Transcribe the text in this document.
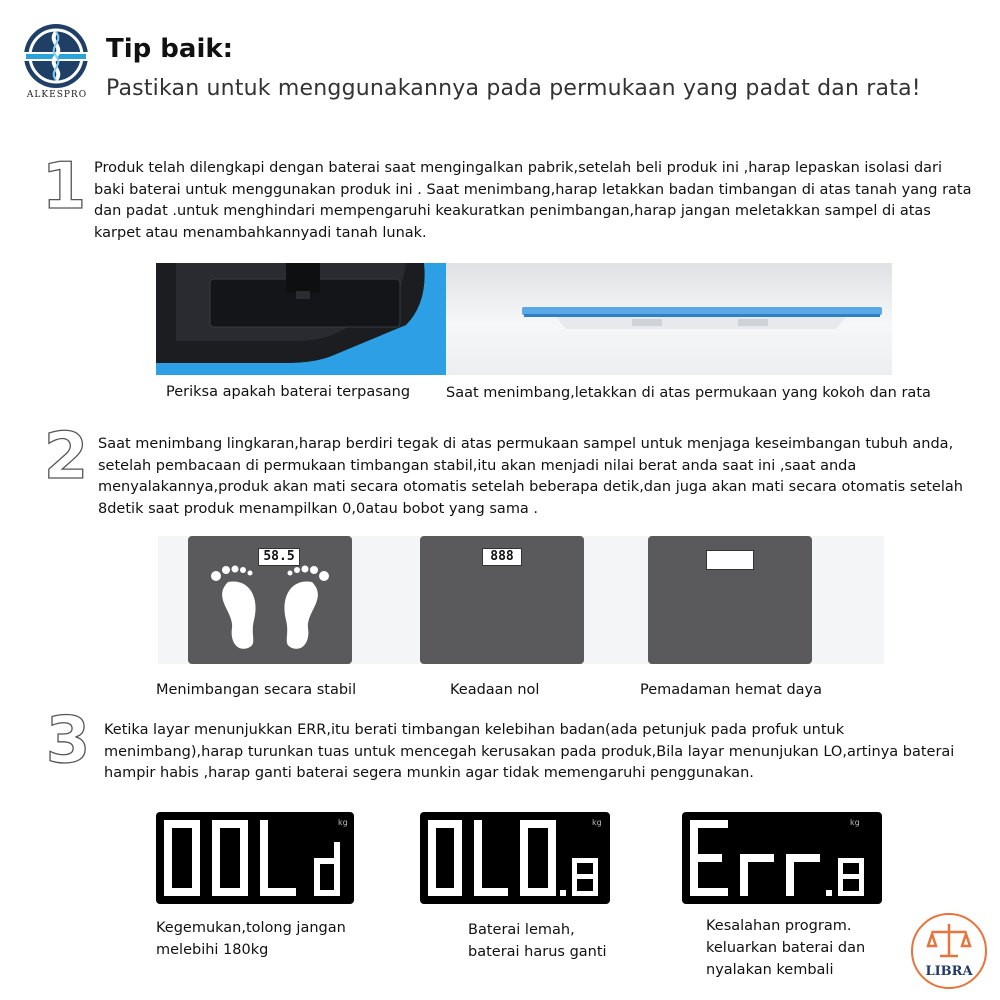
ALKESPRO
Tip baik:
Pastikan untuk menggunakannya pada permukaan yang padat dan rata!
1 Produk telah dilengkapi dengan baterai saat mengingalkan pabrik,setelah beli produk ini ,harap lepaskan isolasi dari baki baterai untuk menggunakan produk ini . Saat menimbang,harap letakkan badan timbangan di atas tanah yang rata dan padat .untuk menghindari mempengaruhi keakuratkan penimbangan,harap jangan meletakkan sampel di atas karpet atau menambahkannyadi tanah lunak.
Periksa apakah baterai terpasang Saat menimbang,letakkan di atas permukaan yang kokoh dan rata
2 Saat menimbang lingkaran,harap berdiri tegak di atas permukaan sampel untuk menjaga keseimbangan tubuh anda, setelah pembacaan di permukaan timbangan stabil,itu akan menjadi nilai berat anda saat ini ,saat anda menyalakannya,produk akan mati secara otomatis setelah beberapa detik,dan juga akan mati secara otomatis setelah 8detik saat produk menampilkan 0,0atau bobot yang sama .
58.5	888
Menimbangan secara stabil	Keadaan nol	Pemadaman hemat daya
3 Ketika layar menunjukkan ERR,itu berati timbangan kelebihan badan(ada petunjuk pada profuk untuk menimbang),harap turunkan tuas untuk mencegah kerusakan pada produk,Bila layar menunjukan LO,artinya baterai hampir habis ,harap ganti baterai segera munkin agar tidak memengaruhi penggunakan.
kg	kg	kg
Kegemukan,tolong jangan
melebihi 180kg
Baterai lemah,
baterai harus ganti
Kesalahan program.
keluarkan baterai dan
nyalakan kembali	LIBRA
